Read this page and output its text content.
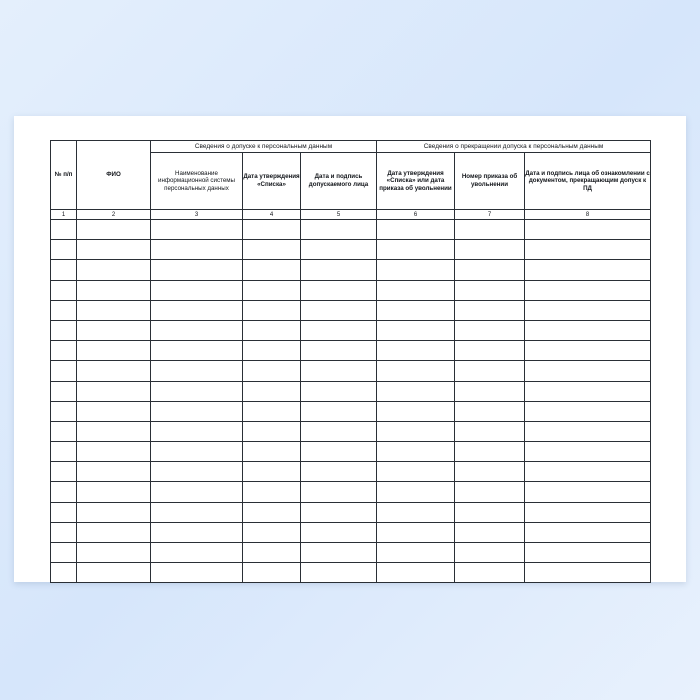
№ п/п	ФИО	Сведения о допуске к персональным данным			Сведения о прекращении допуска к персональным данным		
		Наименование информационной системы персональных данных	Дата утверждения «Списка»	Дата и подпись допускаемого лица	Дата утверждения «Списка» или дата приказа об увольнении	Номер приказа об увольнении	Дата и подпись лица об ознакомлении с документом, прекращающим допуск к ПД
1	2	3	4	5	6	7	8
